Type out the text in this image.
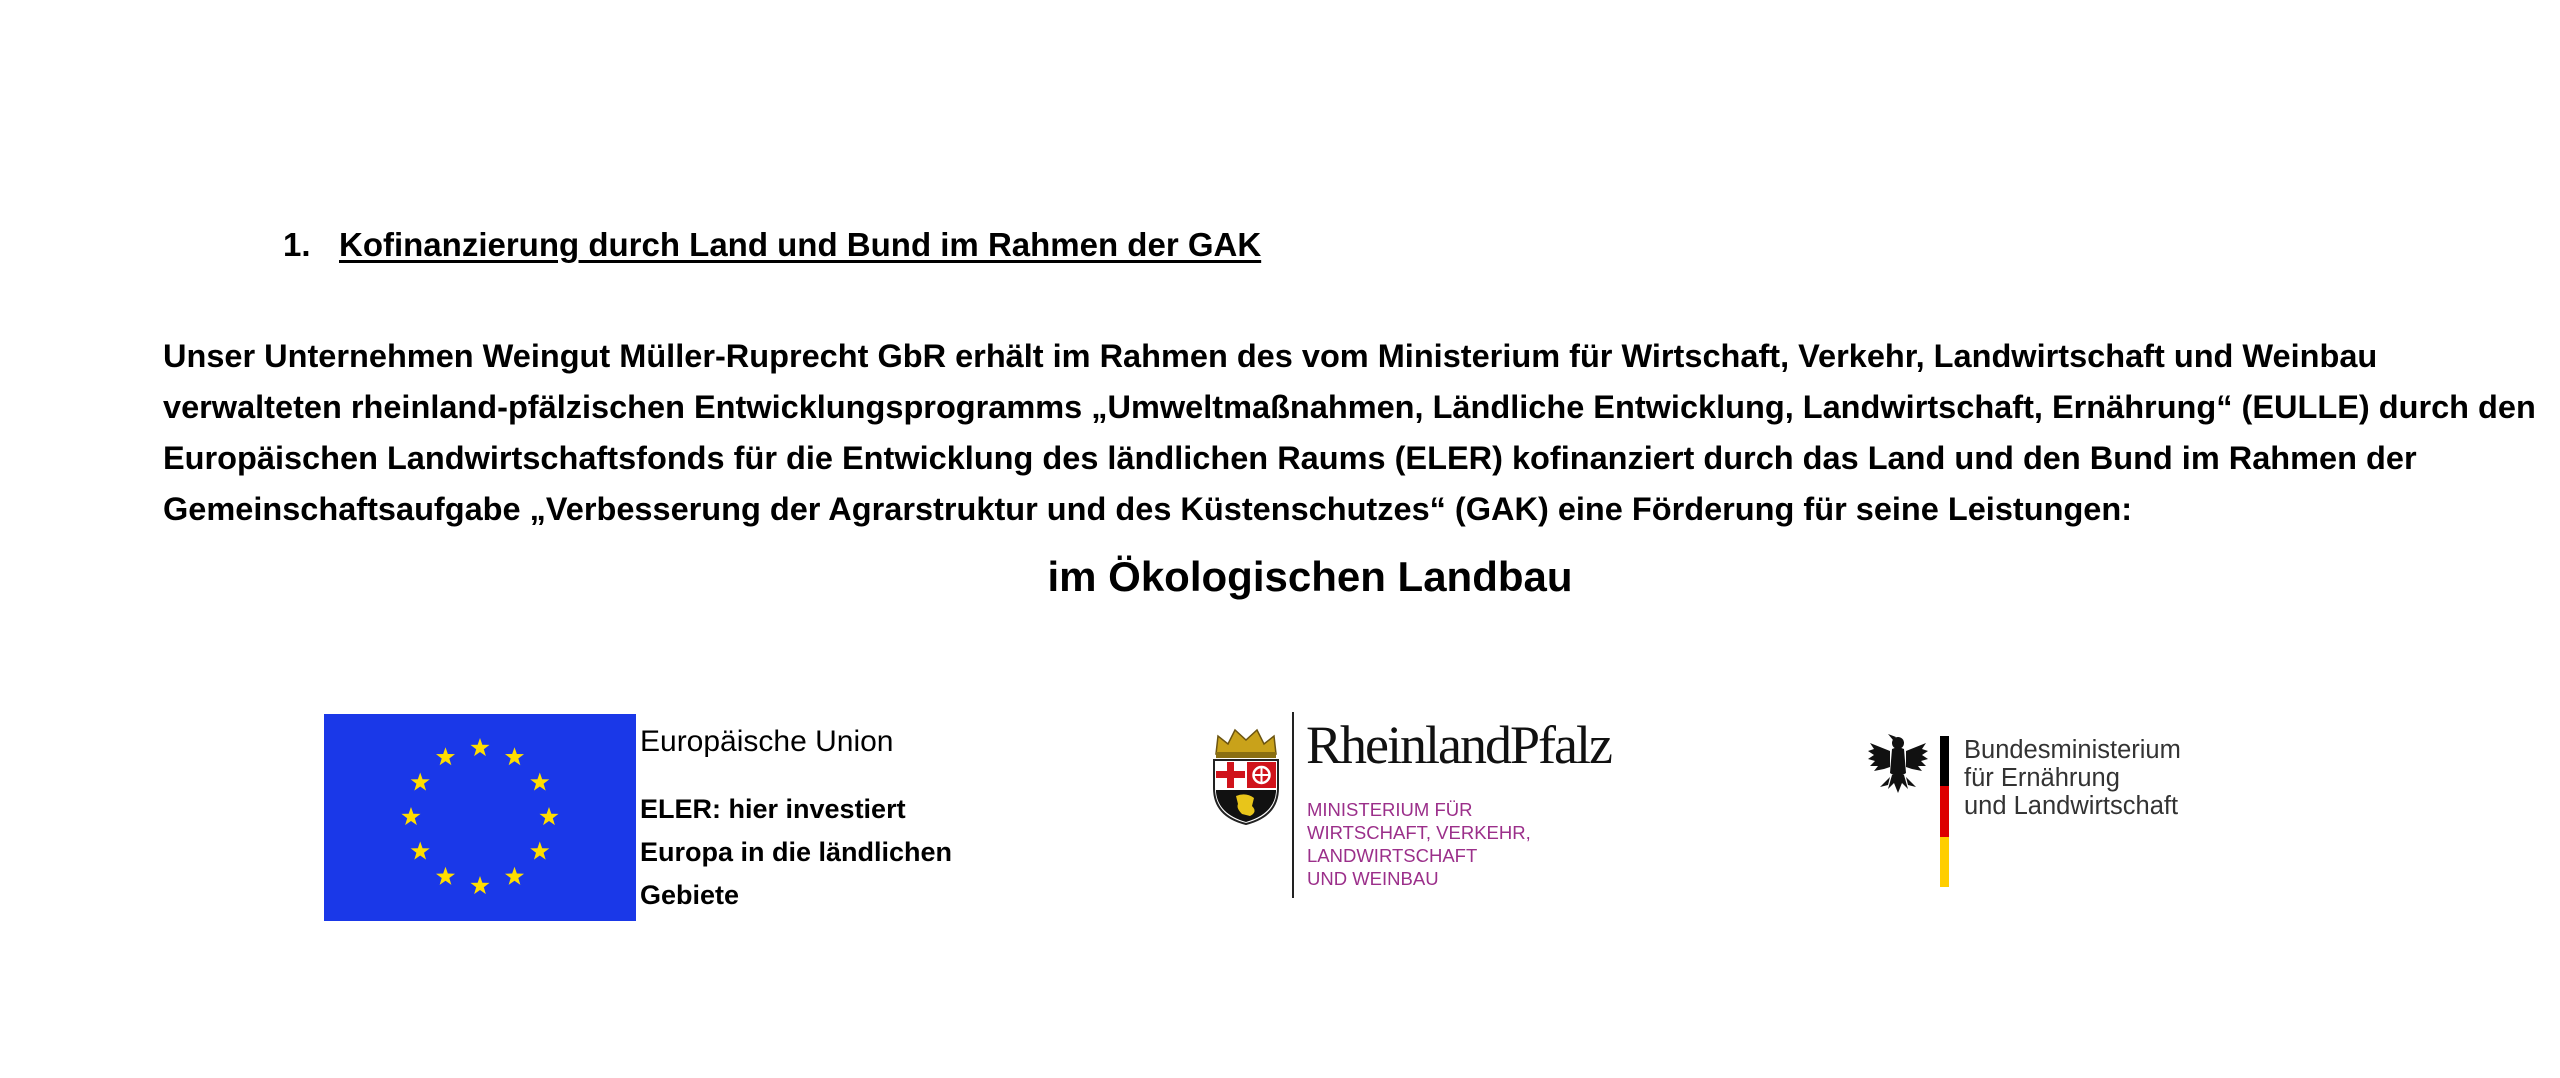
1. Kofinanzierung durch Land und Bund im Rahmen der GAK
Unser Unternehmen Weingut Müller-Ruprecht GbR erhält im Rahmen des vom Ministerium für Wirtschaft, Verkehr, Landwirtschaft und Weinbau
verwalteten rheinland-pfälzischen Entwicklungsprogramms „Umweltmaßnahmen, Ländliche Entwicklung, Landwirtschaft, Ernährung“ (EULLE) durch den
Europäischen Landwirtschaftsfonds für die Entwicklung des ländlichen Raums (ELER) kofinanziert durch das Land und den Bund im Rahmen der
Gemeinschaftsaufgabe „Verbesserung der Agrarstruktur und des Küstenschutzes“ (GAK) eine Förderung für seine Leistungen:
im Ökologischen Landbau
Europäische Union
ELER: hier investiert
Europa in die ländlichen
Gebiete
RheinlandPfalz
MINISTERIUM FÜR
WIRTSCHAFT, VERKEHR,
LANDWIRTSCHAFT
UND WEINBAU
Bundesministerium
für Ernährung
und Landwirtschaft
